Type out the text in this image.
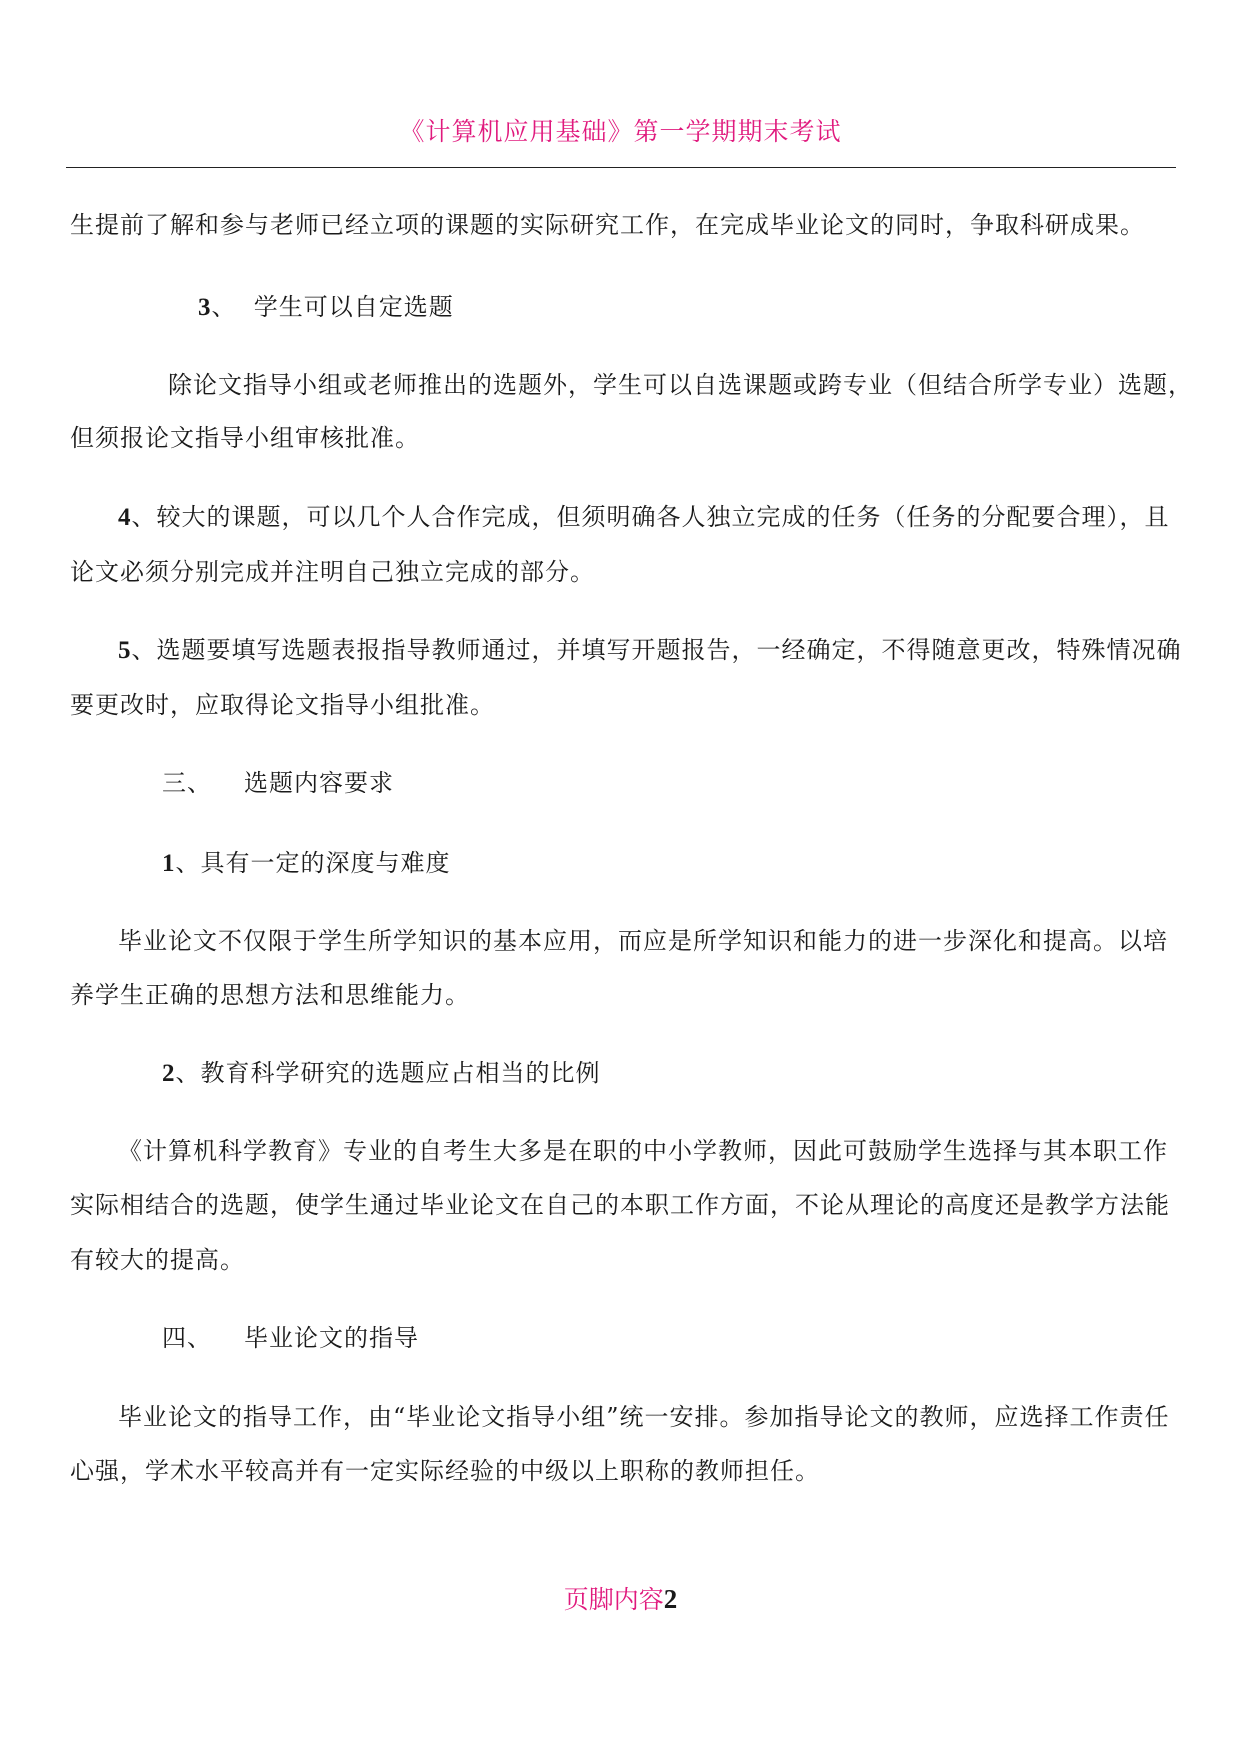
《计算机应用基础》第一学期期末考试
生提前了解和参与老师已经立项的课题的实际研究工作，在完成毕业论文的同时，争取科研成果。
3、  学生可以自定选题
除论文指导小组或老师推出的选题外，学生可以自选课题或跨专业（但结合所学专业）选题，
但须报论文指导小组审核批准。
4、较大的课题，可以几个人合作完成，但须明确各人独立完成的任务（任务的分配要合理），且
论文必须分别完成并注明自己独立完成的部分。
5、选题要填写选题表报指导教师通过，并填写开题报告，一经确定，不得随意更改，特殊情况确
要更改时，应取得论文指导小组批准。
三、 选题内容要求
1、具有一定的深度与难度
毕业论文不仅限于学生所学知识的基本应用，而应是所学知识和能力的进一步深化和提高。以培
养学生正确的思想方法和思维能力。
2、教育科学研究的选题应占相当的比例
《计算机科学教育》专业的自考生大多是在职的中小学教师，因此可鼓励学生选择与其本职工作
实际相结合的选题，使学生通过毕业论文在自己的本职工作方面，不论从理论的高度还是教学方法能
有较大的提高。
四、 毕业论文的指导
毕业论文的指导工作，由“毕业论文指导小组”统一安排。参加指导论文的教师，应选择工作责任
心强，学术水平较高并有一定实际经验的中级以上职称的教师担任。
页脚内容2
